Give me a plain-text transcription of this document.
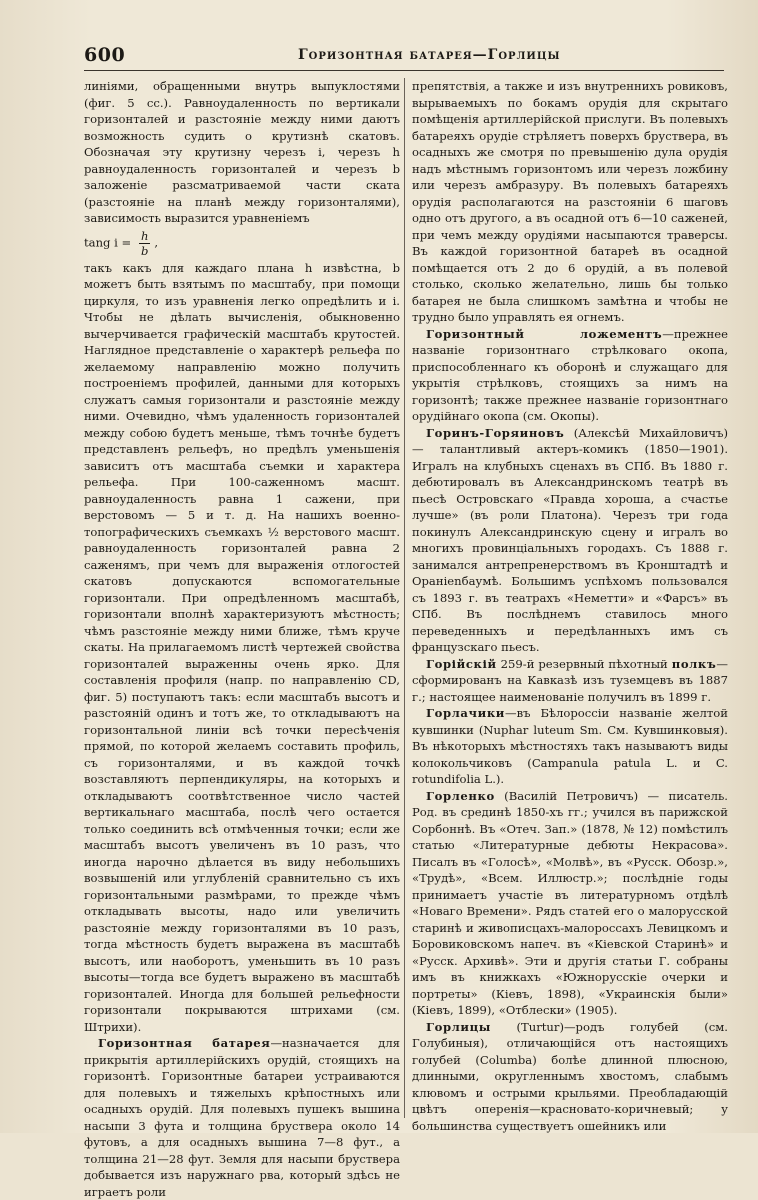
600	Горизонтная батарея—Горлицы

линіями, обращенными внутрь выпуклостями (фиг. 5 cc.). Равноудаленность по вертикали горизонталей и разстояніе между ними даютъ возможность судить о крутизнѣ скатовъ. Обозначая эту крутизну черезъ i, черезъ h равноудаленность горизонталей и черезъ b заложеніе разсматриваемой части ската (разстояніе на планѣ между горизонталями), зависимость выразится уравненіемъ

tang $i = \frac{h}{b}$ ,

такъ какъ для каждаго плана h извѣстна, b можетъ быть взятымъ по масштабу, при помощи циркуля, то изъ уравненія легко опредѣлить и i. Чтобы не дѣлать вычисленія, обыкновенно вычерчивается графическій масштабъ крутостей. Наглядное представленіе о характерѣ рельефа по желаемому направленію можно получить построеніемъ профилей, данными для которыхъ служатъ самыя горизонтали и разстояніе между ними. Очевидно, чѣмъ удаленность горизонталей между собою будетъ меньше, тѣмъ точнѣе будетъ представленъ рельефъ, но предѣлъ уменьшенія зависитъ отъ масштаба съемки и характера рельефа. При 100-саженномъ масшт. равноудаленность равна 1 сажени, при верстовомъ — 5 и т. д. На нашихъ военно-топографическихъ съемкахъ ½ верстового масшт. равноудаленность горизонталей равна 2 саженямъ, при чемъ для выраженія отлогостей скатовъ допускаются вспомогательные горизонтали. При опредѣленномъ масштабѣ, горизонтали вполнѣ характеризуютъ мѣстность; чѣмъ разстояніе между ними ближе, тѣмъ круче скаты. На прилагаемомъ листѣ чертежей свойства горизонталей выраженны очень ярко. Для составленія профиля (напр. по направленію CD, фиг. 5) поступаютъ такъ: если масштабъ высотъ и разстояній одинъ и тотъ же, то откладываютъ на горизонтальной линіи всѣ точки пересѣченія прямой, по которой желаемъ составить профиль, съ горизонталями, и въ каждой точкѣ возставляютъ перпендикуляры, на которыхъ и откладываютъ соотвѣтственное число частей вертикальнаго масштаба, послѣ чего остается только соединить всѣ отмѣченныя точки; если же масштабъ высотъ увеличенъ въ 10 разъ, что иногда нарочно дѣлается въ виду небольшихъ возвышеній или углубленій сравнительно съ ихъ горизонтальными размѣрами, то прежде чѣмъ откладывать высоты, надо или увеличить разстояніе между горизонталями въ 10 разъ, тогда мѣстность будетъ выражена въ масштабѣ высотъ, или наоборотъ, уменьшить въ 10 разъ высоты—тогда все будетъ выражено въ масштабѣ горизонталей. Иногда для большей рельефности горизонтали покрываются штрихами (см. Штрихи).

Горизонтная батарея—назначается для прикрытія артиллерійскихъ орудій, стоящихъ на горизонтѣ. Горизонтные батареи устраиваются для полевыхъ и тяжелыхъ крѣпостныхъ или осадныхъ орудій. Для полевыхъ пушекъ вышина насыпи 3 фута и толщина бруствера около 14 футовъ, а для осадныхъ вышина 7—8 фут., а толщина 21—28 фут. Земля для насыпи бруствера добывается изъ наружнаго рва, который здѣсь не играетъ роли

препятствія, а также и изъ внутреннихъ ровиковъ, вырываемыхъ по бокамъ орудія для скрытаго помѣщенія артиллерійской прислуги. Въ полевыхъ батареяхъ орудіе стрѣляетъ поверхъ бруствера, въ осадныхъ же смотря по превышенію дула орудія надъ мѣстнымъ горизонтомъ или черезъ ложбину или черезъ амбразуру. Въ полевыхъ батареяхъ орудія располагаются на разстояніи 6 шаговъ одно отъ другого, а въ осадной отъ 6—10 саженей, при чемъ между орудіями насыпаются траверсы. Въ каждой горизонтной батареѣ въ осадной помѣщается отъ 2 до 6 орудій, а въ полевой столько, сколько желательно, лишь бы только батарея не была слишкомъ замѣтна и чтобы не трудно было управлять ея огнемъ.

Горизонтный ложементъ—прежнее названіе горизонтнаго стрѣлковаго окопа, приспособленнаго къ оборонѣ и служащаго для укрытія стрѣлковъ, стоящихъ за нимъ на горизонтѣ; также прежнее названіе горизонтнаго орудійнаго окопа (см. Окопы).

Горинъ-Горяиновъ (Алексѣй Михайловичъ) — талантливый актеръ-комикъ (1850—1901). Игралъ на клубныхъ сценахъ въ СПб. Въ 1880 г. дебютировалъ въ Александринскомъ театрѣ въ пьесѣ Островскаго «Правда хороша, а счастье лучше» (въ роли Платона). Черезъ три года покинулъ Александринскую сцену и игралъ во многихъ провинціальныхъ городахъ. Съ 1888 г. занимался антрепренерствомъ въ Кронштадтѣ и Оранienбаумѣ. Большимъ успѣхомъ пользовался съ 1893 г. въ театрахъ «Неметти» и «Фарсъ» въ СПб. Въ послѣднемъ ставилось много переведенныхъ и передѣланныхъ имъ съ французскаго пьесъ.

Горійскій 259-й резервный пѣхотный полкъ—сформированъ на Кавказѣ изъ туземцевъ въ 1887 г.; настоящее наименованіе получилъ въ 1899 г.

Горлачики—въ Бѣлороссіи названіе желтой кувшинки (Nuphar luteum Sm. См. Кувшинковыя). Въ нѣкоторыхъ мѣстностяхъ такъ называютъ виды колокольчиковъ (Campanula patula L. и C. rotundifolia L.).

Горленко (Василій Петровичъ) — писатель. Род. въ срединѣ 1850-хъ гг.; учился въ парижской Сорбоннѣ. Въ «Отеч. Зап.» (1878, № 12) помѣстилъ статью «Литературные дебюты Некрасова». Писалъ въ «Голосѣ», «Молвѣ», въ «Русск. Обозр.», «Трудѣ», «Всем. Иллюстр.»; послѣдніе годы принимаетъ участіе въ литературномъ отдѣлѣ «Новаго Времени». Рядъ статей его о малорусской старинѣ и живописцахъ-малороссахъ Левицкомъ и Боровиковскомъ напеч. въ «Кіевской Старинѣ» и «Русск. Архивѣ». Эти и другія статьи Г. собраны имъ въ книжкахъ «Южнорусскіе очерки и портреты» (Кіевъ, 1898), «Украинскія были» (Кіевъ, 1899), «Отблески» (1905).

Горлицы (Turtur)—родъ голубей (см. Голубиныя), отличающійся отъ настоящихъ голубей (Columba) болѣе длинной плюсною, длинными, округленнымъ хвостомъ, слабымъ клювомъ и острыми крыльями. Преобладающій цвѣтъ оперенія—красновато-коричневый; у большинства существуетъ ошейникъ или
